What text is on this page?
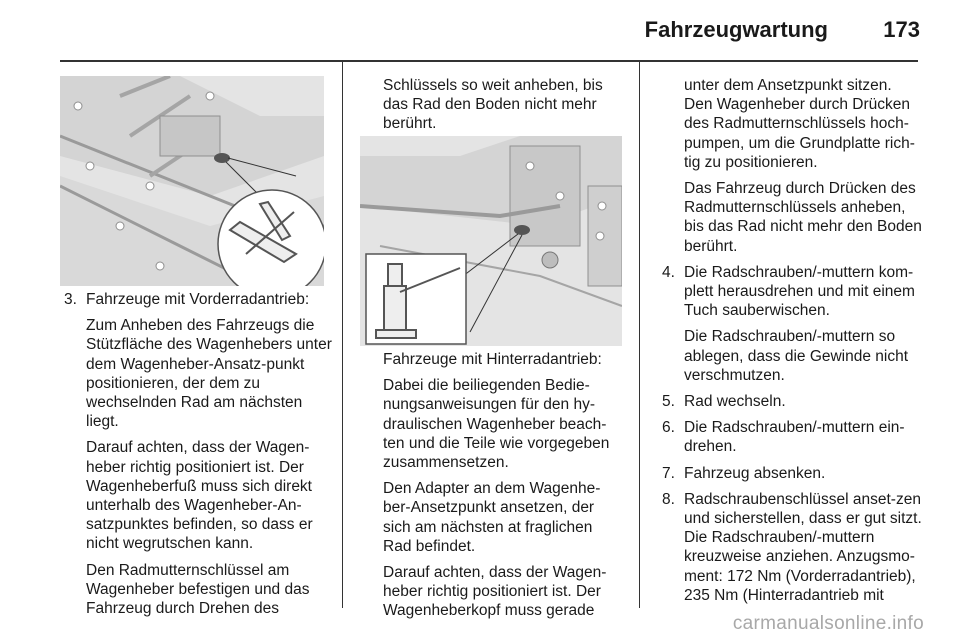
Fahrzeugwartung	173
3. Fahrzeuge mit Vorderradantrieb:

Zum Anheben des Fahrzeugs die Stützfläche des Wagenhebers unter dem Wagenheber-Ansatz-punkt positionieren, der dem zu wechselnden Rad am nächsten liegt.

Darauf achten, dass der Wagen-heber richtig positioniert ist. Der Wagenheberfuß muss sich direkt unterhalb des Wagenheber-An-satzpunktes befinden, so dass er nicht wegrutschen kann.

Den Radmutternschlüssel am Wagenheber befestigen und das Fahrzeug durch Drehen des

Schlüssels so weit anheben, bis das Rad den Boden nicht mehr berührt.

Fahrzeuge mit Hinterradantrieb:

Dabei die beiliegenden Bedie-nungsanweisungen für den hy-draulischen Wagenheber beach-ten und die Teile wie vorgegeben zusammensetzen.

Den Adapter an dem Wagenhe-ber-Ansetzpunkt ansetzen, der sich am nächsten at fraglichen Rad befindet.

Darauf achten, dass der Wagen-heber richtig positioniert ist. Der Wagenheberkopf muss gerade

unter dem Ansetzpunkt sitzen. Den Wagenheber durch Drücken des Radmutternschlüssels hoch-pumpen, um die Grundplatte rich-tig zu positionieren.

Das Fahrzeug durch Drücken des Radmutternschlüssels anheben, bis das Rad nicht mehr den Boden berührt.

4. Die Radschrauben/-muttern kom-plett herausdrehen und mit einem Tuch sauberwischen.

Die Radschrauben/-muttern so ablegen, dass die Gewinde nicht verschmutzen.

5. Rad wechseln.
6. Die Radschrauben/-muttern ein-drehen.
7. Fahrzeug absenken.
8. Radschraubenschlüssel anset-zen und sicherstellen, dass er gut sitzt. Die Radschrauben/-muttern kreuzweise anziehen. Anzugsmo-ment: 172 Nm (Vorderradantrieb), 235 Nm (Hinterradantrieb mit
carmanualsonline.info
